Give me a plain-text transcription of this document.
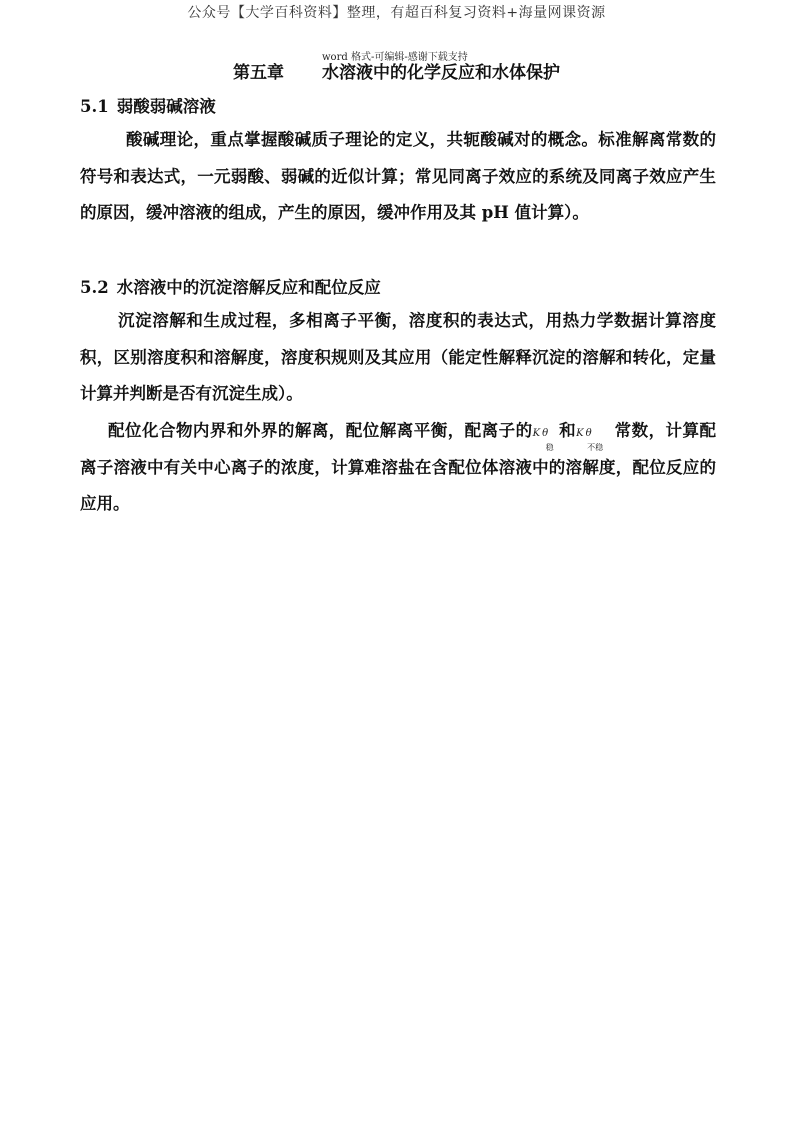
公众号【大学百科资料】整理，有超百科复习资料+海量网课资源
word 格式-可编辑-感谢下载支持
第五章 水溶液中的化学反应和水体保护
5.1 弱酸弱碱溶液

酸碱理论，重点掌握酸碱质子理论的定义，共轭酸碱对的概念。标准解离常数的符号和表达式，一元弱酸、弱碱的近似计算；常见同离子效应的系统及同离子效应产生的原因，缓冲溶液的组成，产生的原因，缓冲作用及其 pH 值计算）。

5.2 水溶液中的沉淀溶解反应和配位反应

沉淀溶解和生成过程，多相离子平衡，溶度积的表达式，用热力学数据计算溶度积，区别溶度积和溶解度，溶度积规则及其应用（能定性解释沉淀的溶解和转化，定量计算并判断是否有沉淀生成）。

配位化合物内界和外界的解离，配位解离平衡，配离子的 Kθ
稳
和 Kθ
不稳
常数，计算配离子溶液中有关中心离子的浓度，计算难溶盐在含配位体溶液中的溶解度，配位反应的应用。
